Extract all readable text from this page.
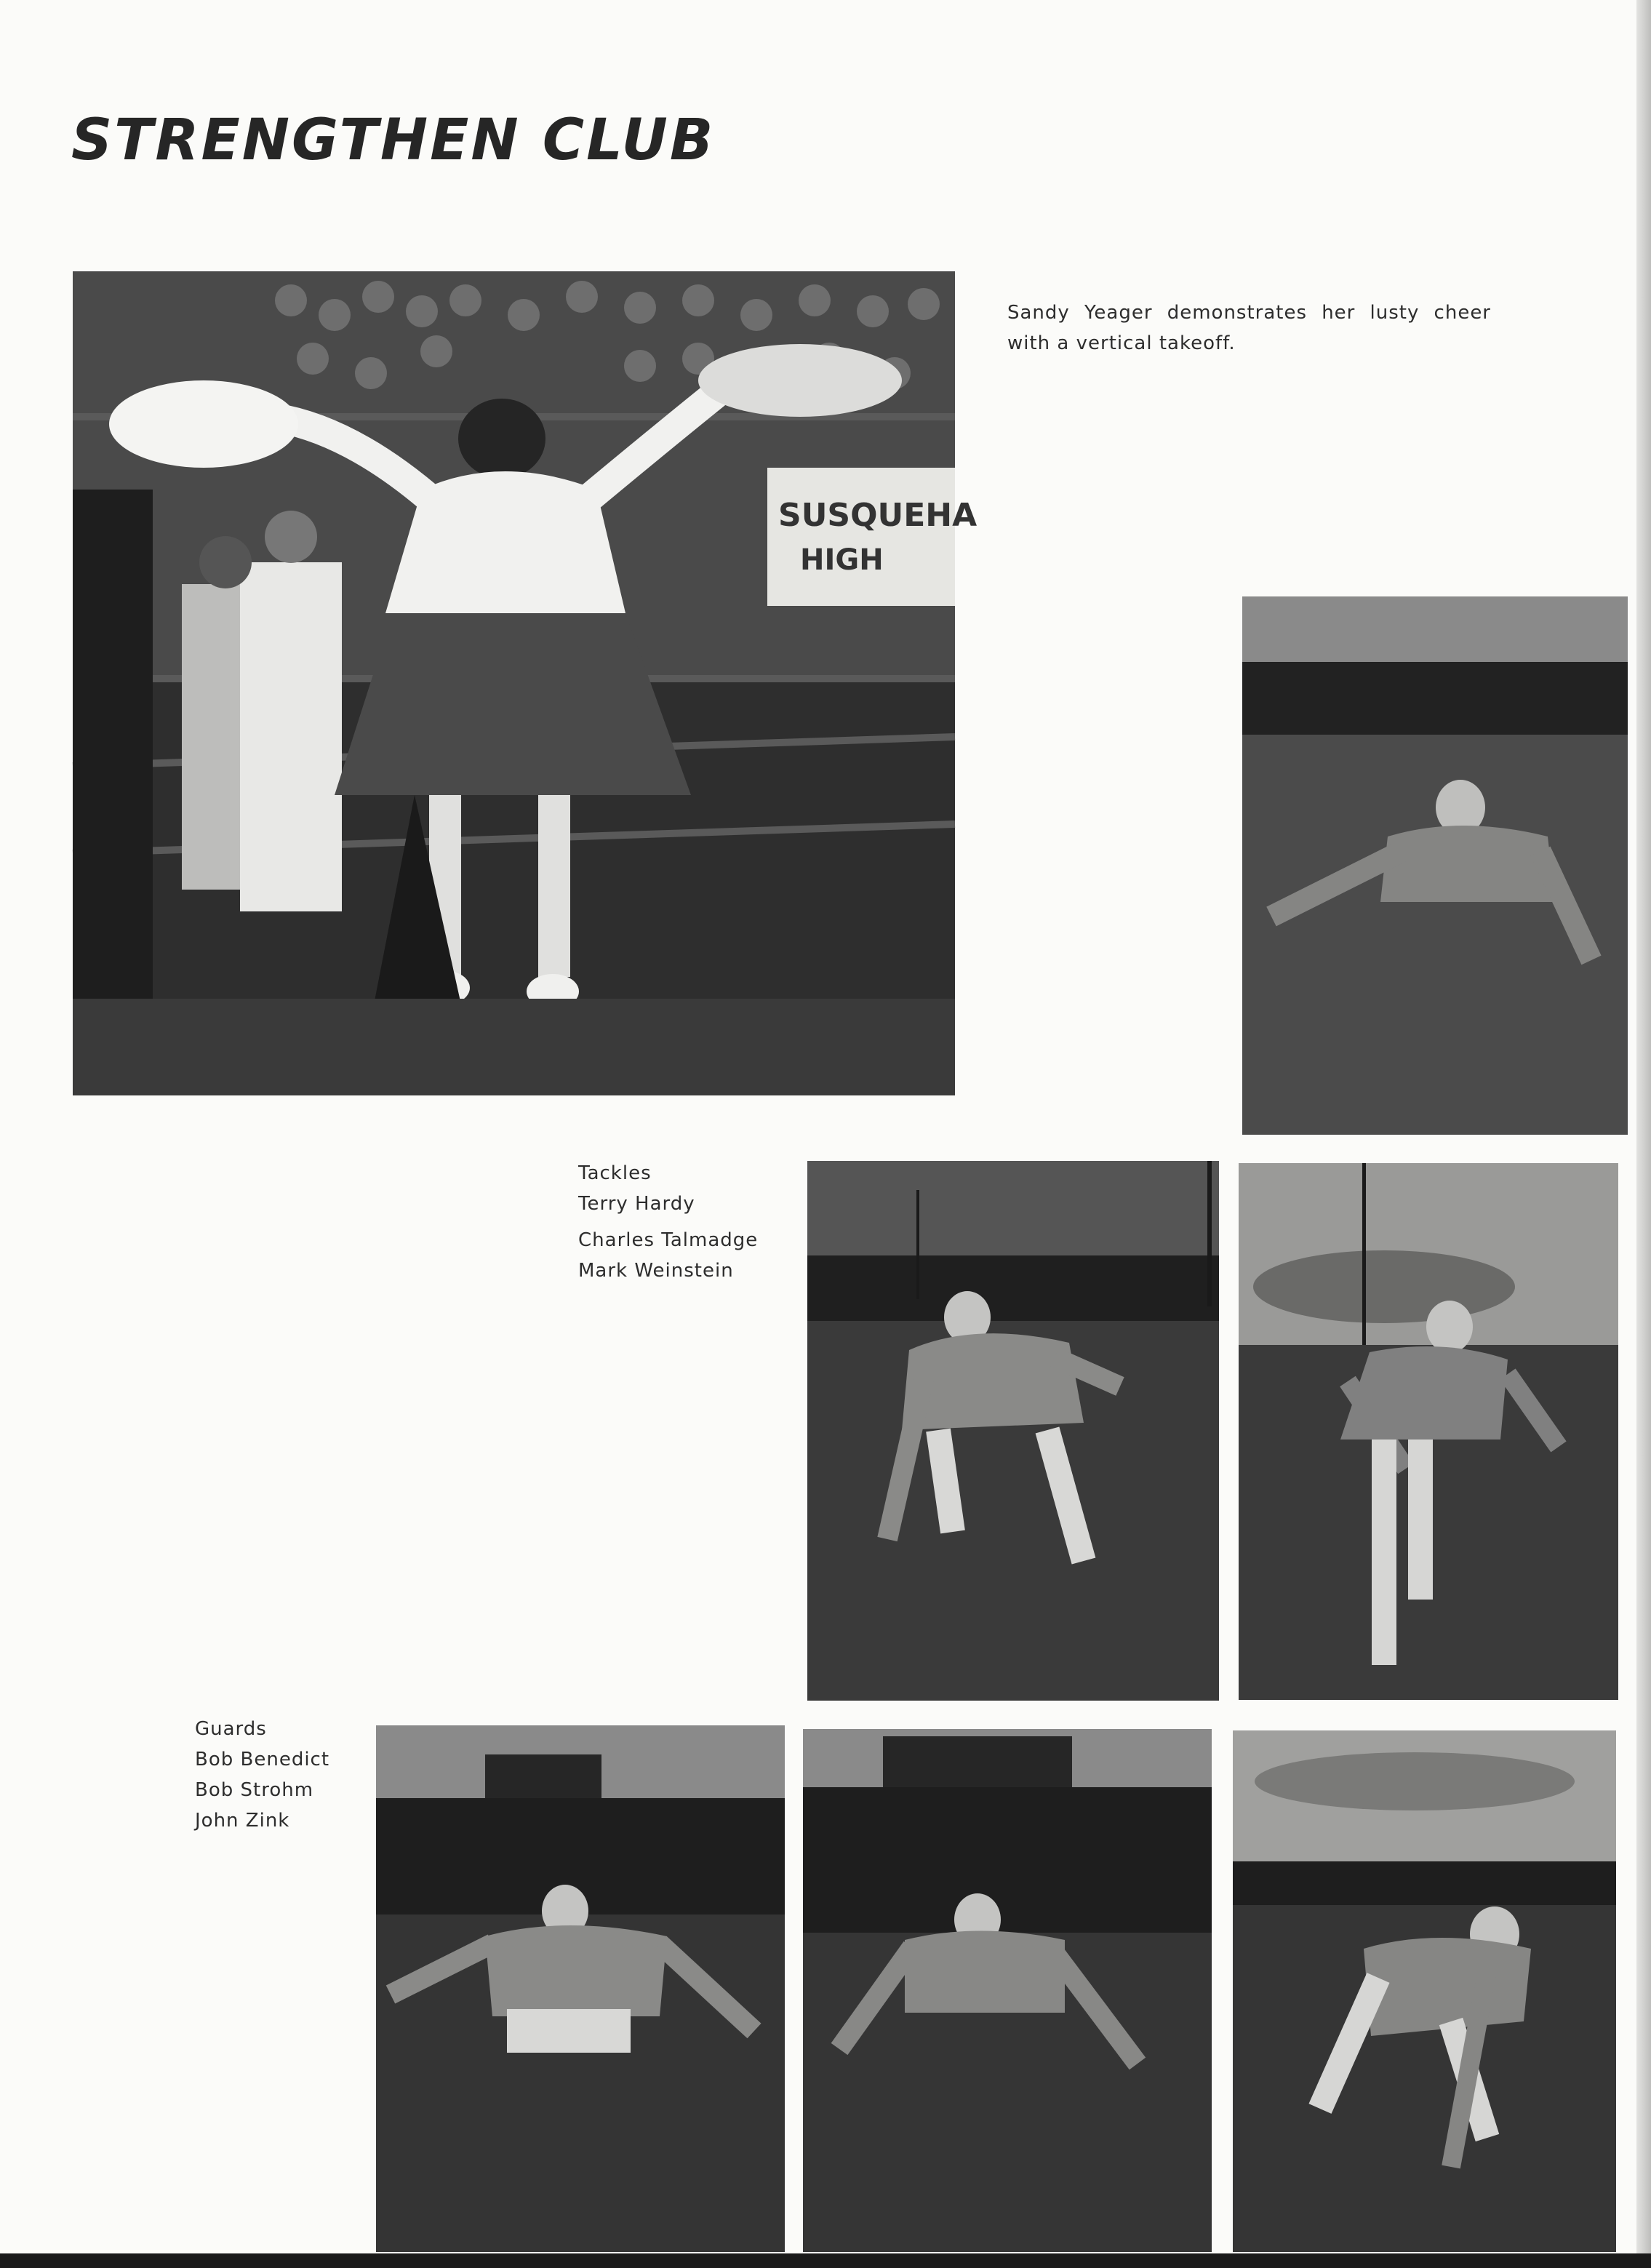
STRENGTHEN CLUB
SUSQUEHA
HIGH

Sandy Yeager demonstrates her lusty cheer with a vertical takeoff.

Tackles
Terry Hardy
Charles Talmadge
Mark Weinstein
Guards
Bob Benedict
Bob Strohm
John Zink
